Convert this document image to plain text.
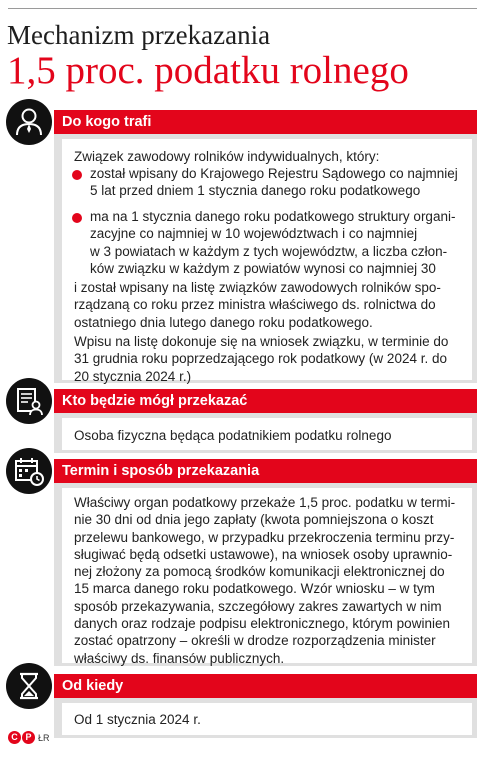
Mechanizm przekazania
1,5 proc. podatku rolnego
Do kogo trafi
Związek zawodowy rolników indywidualnych, który:
został wpisany do Krajowego Rejestru Sądowego co najmniej
5 lat przed dniem 1 stycznia danego roku podatkowego
ma na 1 stycznia danego roku podatkowego struktury organi-
zacyjne co najmniej w 10 województwach i co najmniej
w 3 powiatach w każdym z tych województw, a liczba człon-
ków związku w każdym z powiatów wynosi co najmniej 30
i został wpisany na listę związków zawodowych rolników spo-
rządzaną co roku przez ministra właściwego ds. rolnictwa do
ostatniego dnia lutego danego roku podatkowego.
Wpisu na listę dokonuje się na wniosek związku, w terminie do
31 grudnia roku poprzedzającego rok podatkowy (w 2024 r. do
20 stycznia 2024 r.)
Kto będzie mógł przekazać
Osoba fizyczna będąca podatnikiem podatku rolnego
Termin i sposób przekazania
Właściwy organ podatkowy przekaże 1,5 proc. podatku w termi-
nie 30 dni od dnia jego zapłaty (kwota pomniejszona o koszt
przelewu bankowego, w przypadku przekroczenia terminu przy-
sługiwać będą odsetki ustawowe), na wniosek osoby uprawnio-
nej złożony za pomocą środków komunikacji elektronicznej do
15 marca danego roku podatkowego. Wzór wniosku – w tym
sposób przekazywania, szczegółowy zakres zawartych w nim
danych oraz rodzaje podpisu elektronicznego, którym powinien
zostać opatrzony – określi w drodze rozporządzenia minister
właściwy ds. finansów publicznych.
Od kiedy
Od 1 stycznia 2024 r.
C P ŁR
